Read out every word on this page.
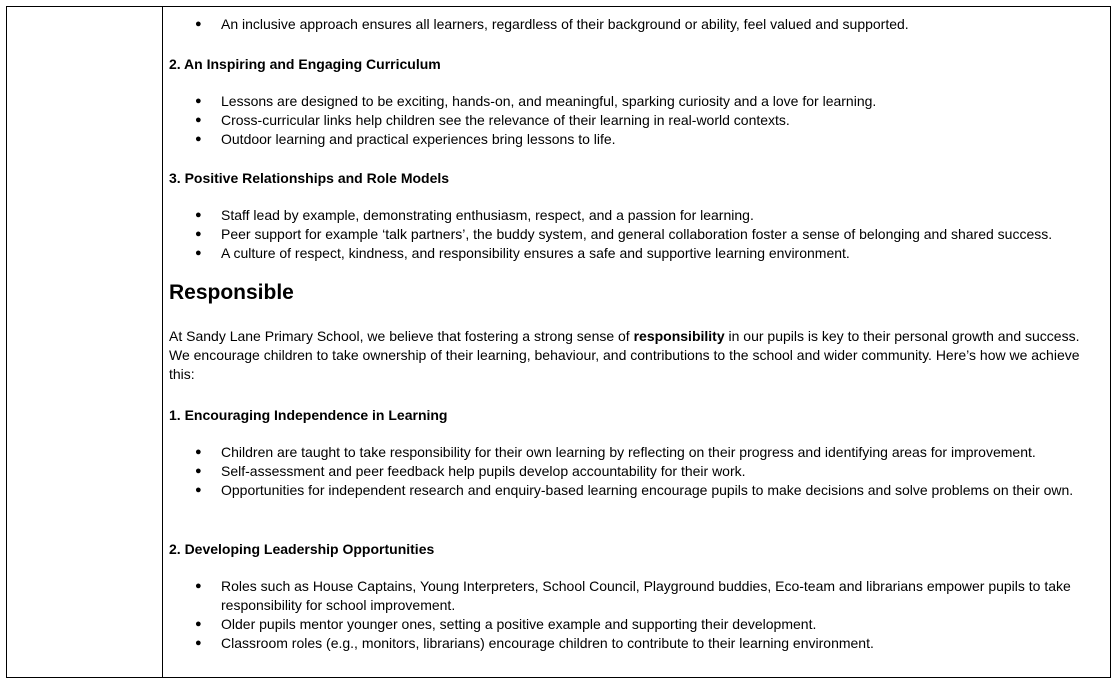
● An inclusive approach ensures all learners, regardless of their background or ability, feel valued and supported.
2. An Inspiring and Engaging Curriculum
● Lessons are designed to be exciting, hands-on, and meaningful, sparking curiosity and a love for learning.
● Cross-curricular links help children see the relevance of their learning in real-world contexts.
● Outdoor learning and practical experiences bring lessons to life.
3. Positive Relationships and Role Models
● Staff lead by example, demonstrating enthusiasm, respect, and a passion for learning.
● Peer support for example ‘talk partners’, the buddy system, and general collaboration foster a sense of belonging and shared success.
● A culture of respect, kindness, and responsibility ensures a safe and supportive learning environment.
Responsible
At Sandy Lane Primary School, we believe that fostering a strong sense of responsibility in our pupils is key to their personal growth and success. We encourage children to take ownership of their learning, behaviour, and contributions to the school and wider community. Here’s how we achieve this:
1. Encouraging Independence in Learning
● Children are taught to take responsibility for their own learning by reflecting on their progress and identifying areas for improvement.
● Self-assessment and peer feedback help pupils develop accountability for their work.
● Opportunities for independent research and enquiry-based learning encourage pupils to make decisions and solve problems on their own.
2. Developing Leadership Opportunities
● Roles such as House Captains, Young Interpreters, School Council, Playground buddies, Eco-team and librarians empower pupils to take responsibility for school improvement.
● Older pupils mentor younger ones, setting a positive example and supporting their development.
● Classroom roles (e.g., monitors, librarians) encourage children to contribute to their learning environment.
